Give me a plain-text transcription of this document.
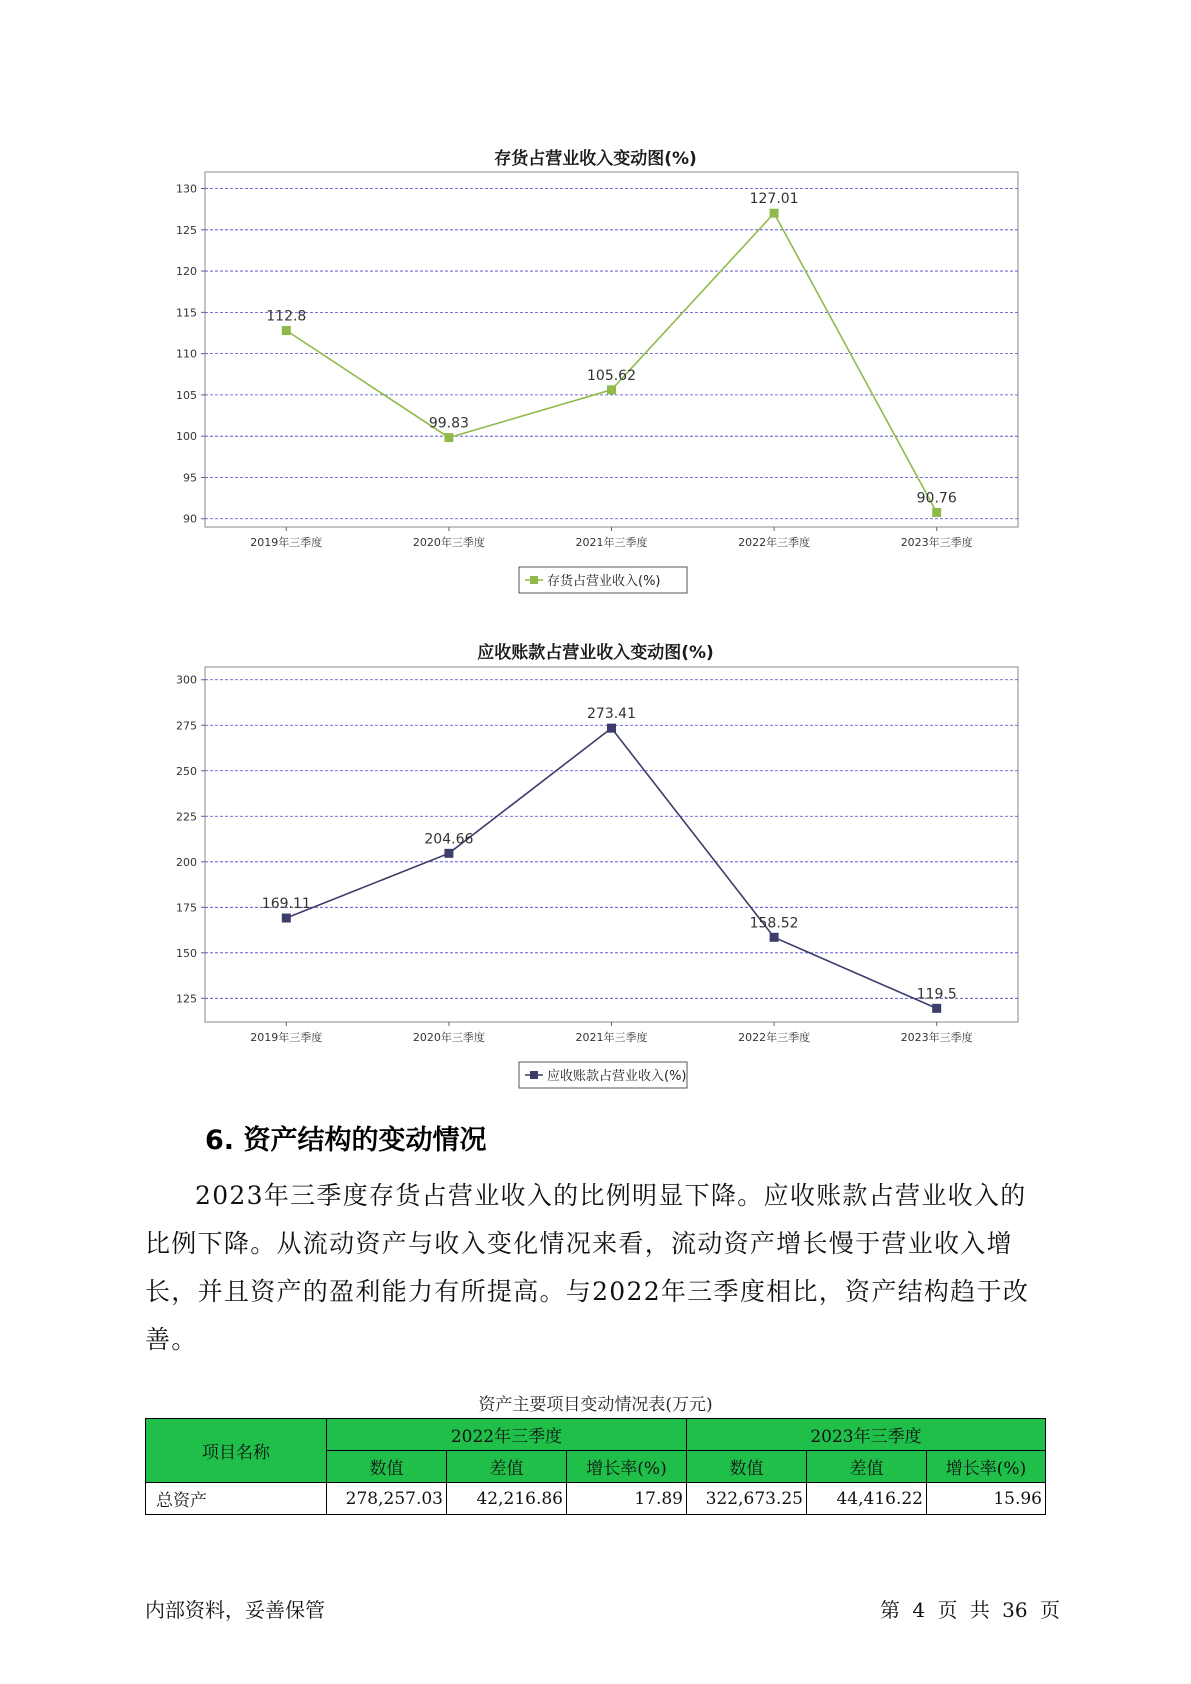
存货占营业收入变动图(%)
90
95
100
105
110
115
120
125
130
2019年三季度	2020年三季度	2021年三季度	2022年三季度	2023年三季度
112.8
99.83
105.62
127.01
90.76
存货占营业收入(%)
应收账款占营业收入变动图(%)
125
150
175
200
225
250
275
300
2019年三季度	2020年三季度	2021年三季度	2022年三季度	2023年三季度
169.11
204.66
273.41
158.52
119.5
应收账款占营业收入(%)
6. 资产结构的变动情况

2023年三季度存货占营业收入的比例明显下降。应收账款占营业收入的比例下降。从流动资产与收入变化情况来看，流动资产增长慢于营业收入增长，并且资产的盈利能力有所提高。与2022年三季度相比，资产结构趋于改善。

资产主要项目变动情况表(万元)
项目名称	2022年三季度			2023年三季度		
	数值	差值	增长率(%)	数值	差值	增长率(%)
总资产	278,257.03	42,216.86	17.89	322,673.25	44,416.22	15.96
内部资料，妥善保管	第 4 页 共 36 页
